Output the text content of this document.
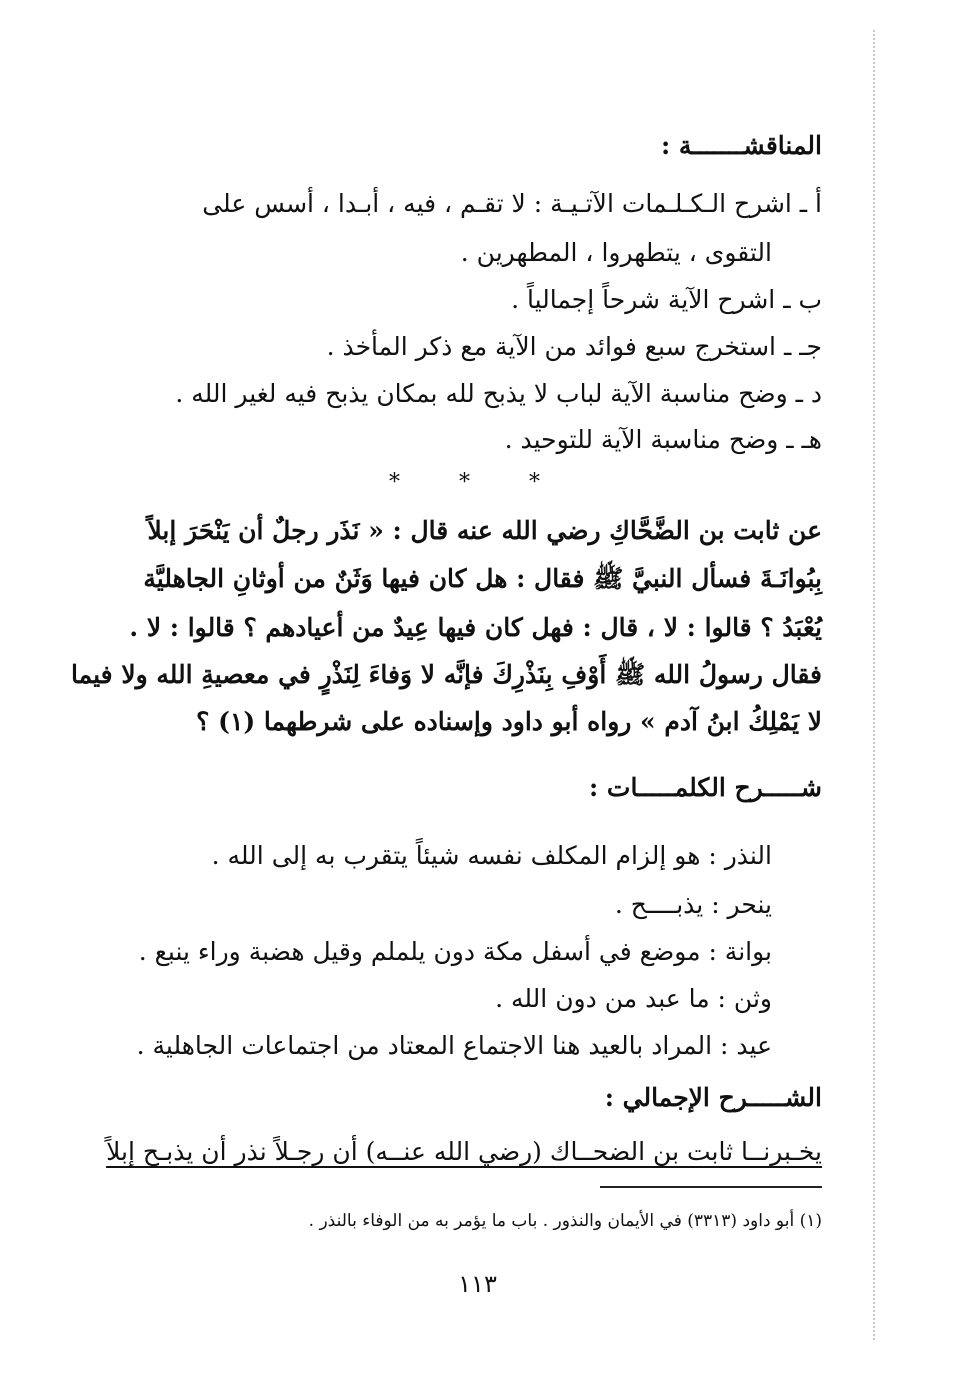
المناقشـــــــة :
أ ـ اشرح الـكـلـمات الآتـيـة : لا تقـم ، فيه ، أبـدا ، أسس على
التقوى ، يتطهروا ، المطهرين .
ب ـ اشرح الآية شرحاً إجمالياً .
جـ ـ استخرج سبع فوائد من الآية مع ذكر المأخذ .
د ـ وضح مناسبة الآية لباب لا يذبح لله بمكان يذبح فيه لغير الله .
هـ ـ وضح مناسبة الآية للتوحيد .
* * *
عن ثابت بن الضَّحَّاكِ رضي الله عنه قال : « نَذَر رجلٌ أن يَنْحَرَ إبلاً
بِبُوانَـةَ فسأل النبيَّ ﷺ فقال : هل كان فيها وَثَنٌ من أوثانِ الجاهليَّة
يُعْبَدُ ؟ قالوا : لا ، قال : فهل كان فيها عِيدٌ من أعيادهم ؟ قالوا : لا .
فقال رسولُ الله ﷺ أَوْفِ بِنَذْرِكَ فإنَّه لا وَفاءَ لِنَذْرٍ في معصيةِ الله ولا فيما
لا يَمْلِكُ ابنُ آدم » رواه أبو داود وإسناده على شرطهما (١) ؟
شـــــرح الكلمـــــات :
النذر : هو إلزام المكلف نفسه شيئاً يتقرب به إلى الله .
ينحر : يذبــــح .
بوانة : موضع في أسفل مكة دون يلملم وقيل هضبة وراء ينبع .
وثن : ما عبد من دون الله .
عيد : المراد بالعيد هنا الاجتماع المعتاد من اجتماعات الجاهلية .
الشـــــرح الإجمالي :
يخـبرنــا ثابت بن الضحــاك (رضي الله عنــه) أن رجـلاً نذر أن يذبـح إبلاً
(١) أبو داود (٣٣١٣) في الأيمان والنذور . باب ما يؤمر به من الوفاء بالنذر .
١١٣
